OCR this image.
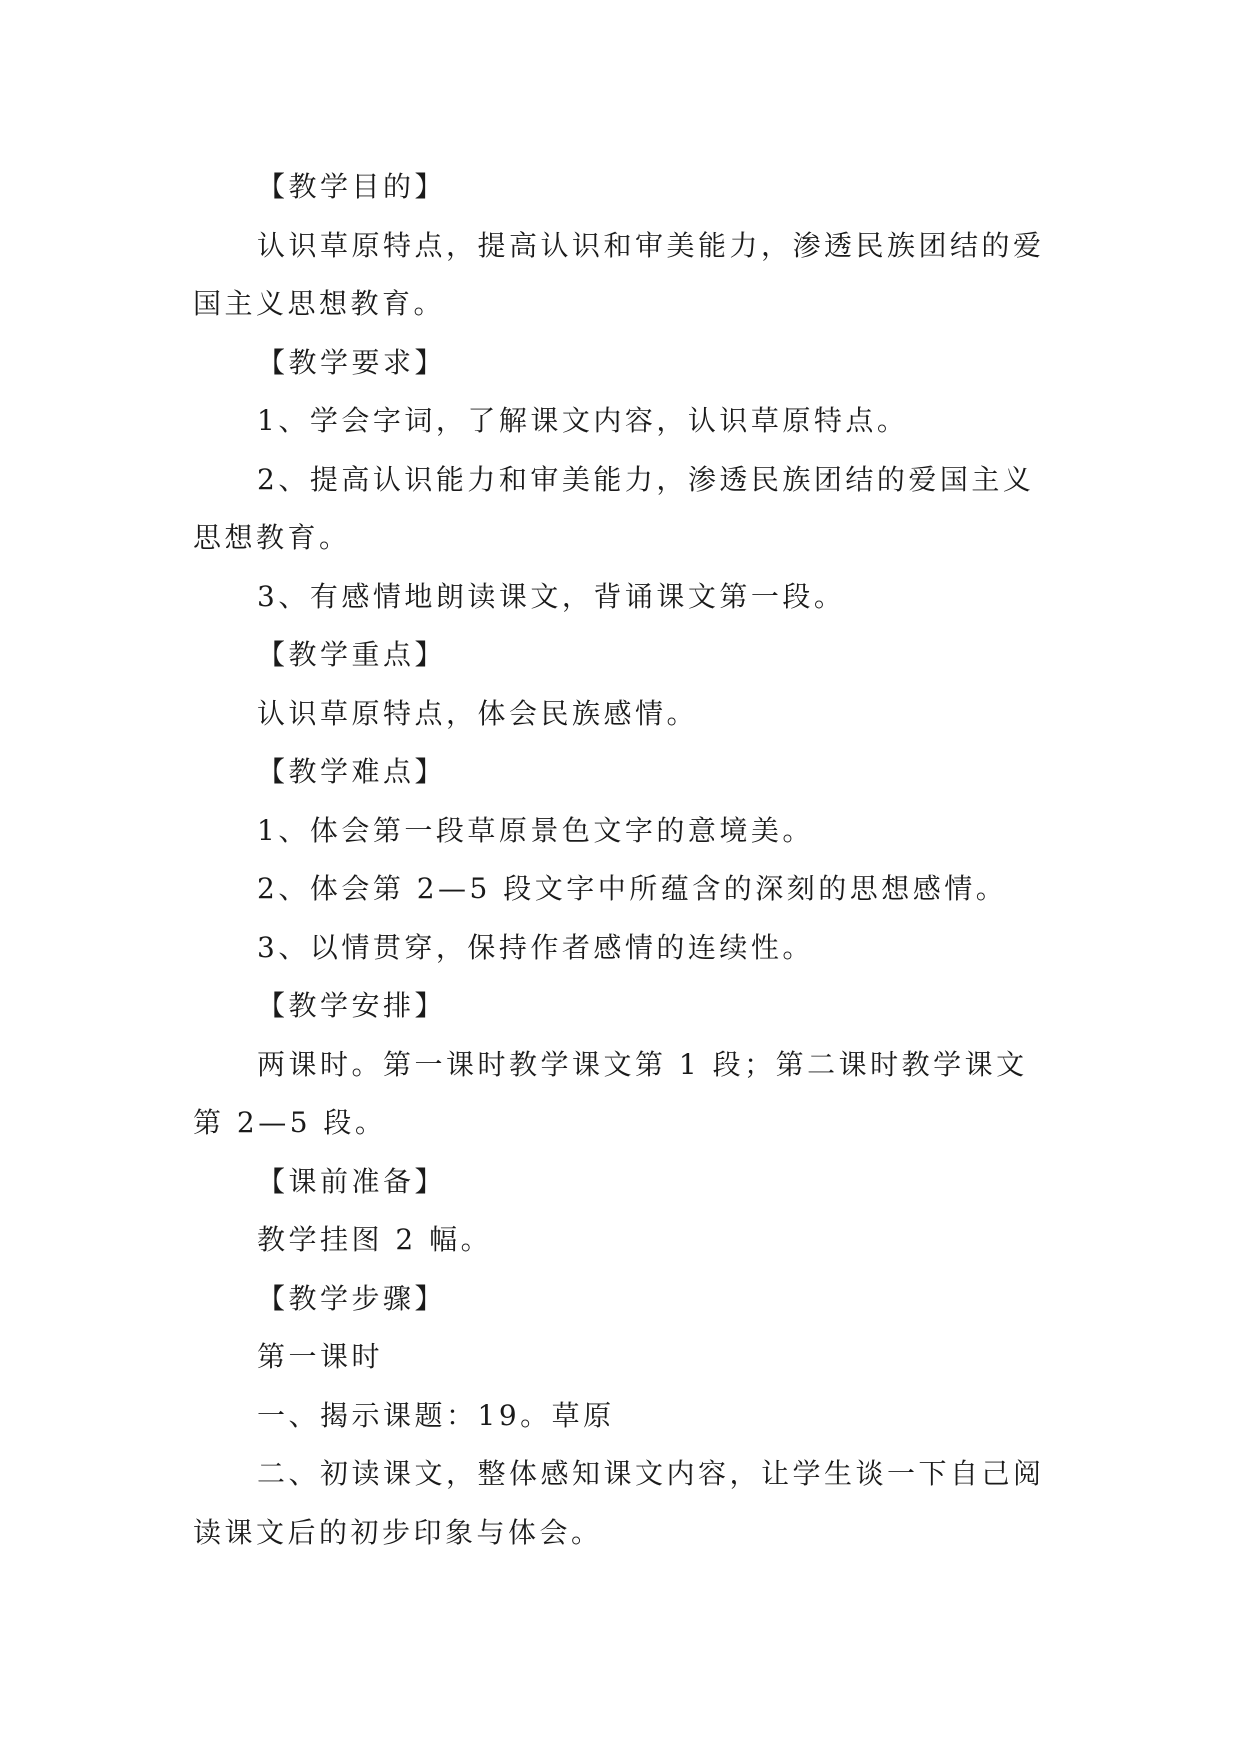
【教学目的】

认识草原特点，提高认识和审美能力，渗透民族团结的爱国主义思想教育。

【教学要求】

1、学会字词，了解课文内容，认识草原特点。

2、提高认识能力和审美能力，渗透民族团结的爱国主义思想教育。

3、有感情地朗读课文，背诵课文第一段。

【教学重点】

认识草原特点，体会民族感情。

【教学难点】

1、体会第一段草原景色文字的意境美。

2、体会第 2—5 段文字中所蕴含的深刻的思想感情。

3、以情贯穿，保持作者感情的连续性。

【教学安排】

两课时。第一课时教学课文第 1 段；第二课时教学课文第 2—5 段。

【课前准备】

教学挂图 2 幅。

【教学步骤】

第一课时

一、揭示课题：19。草原

二、初读课文，整体感知课文内容，让学生谈一下自己阅读课文后的初步印象与体会。
